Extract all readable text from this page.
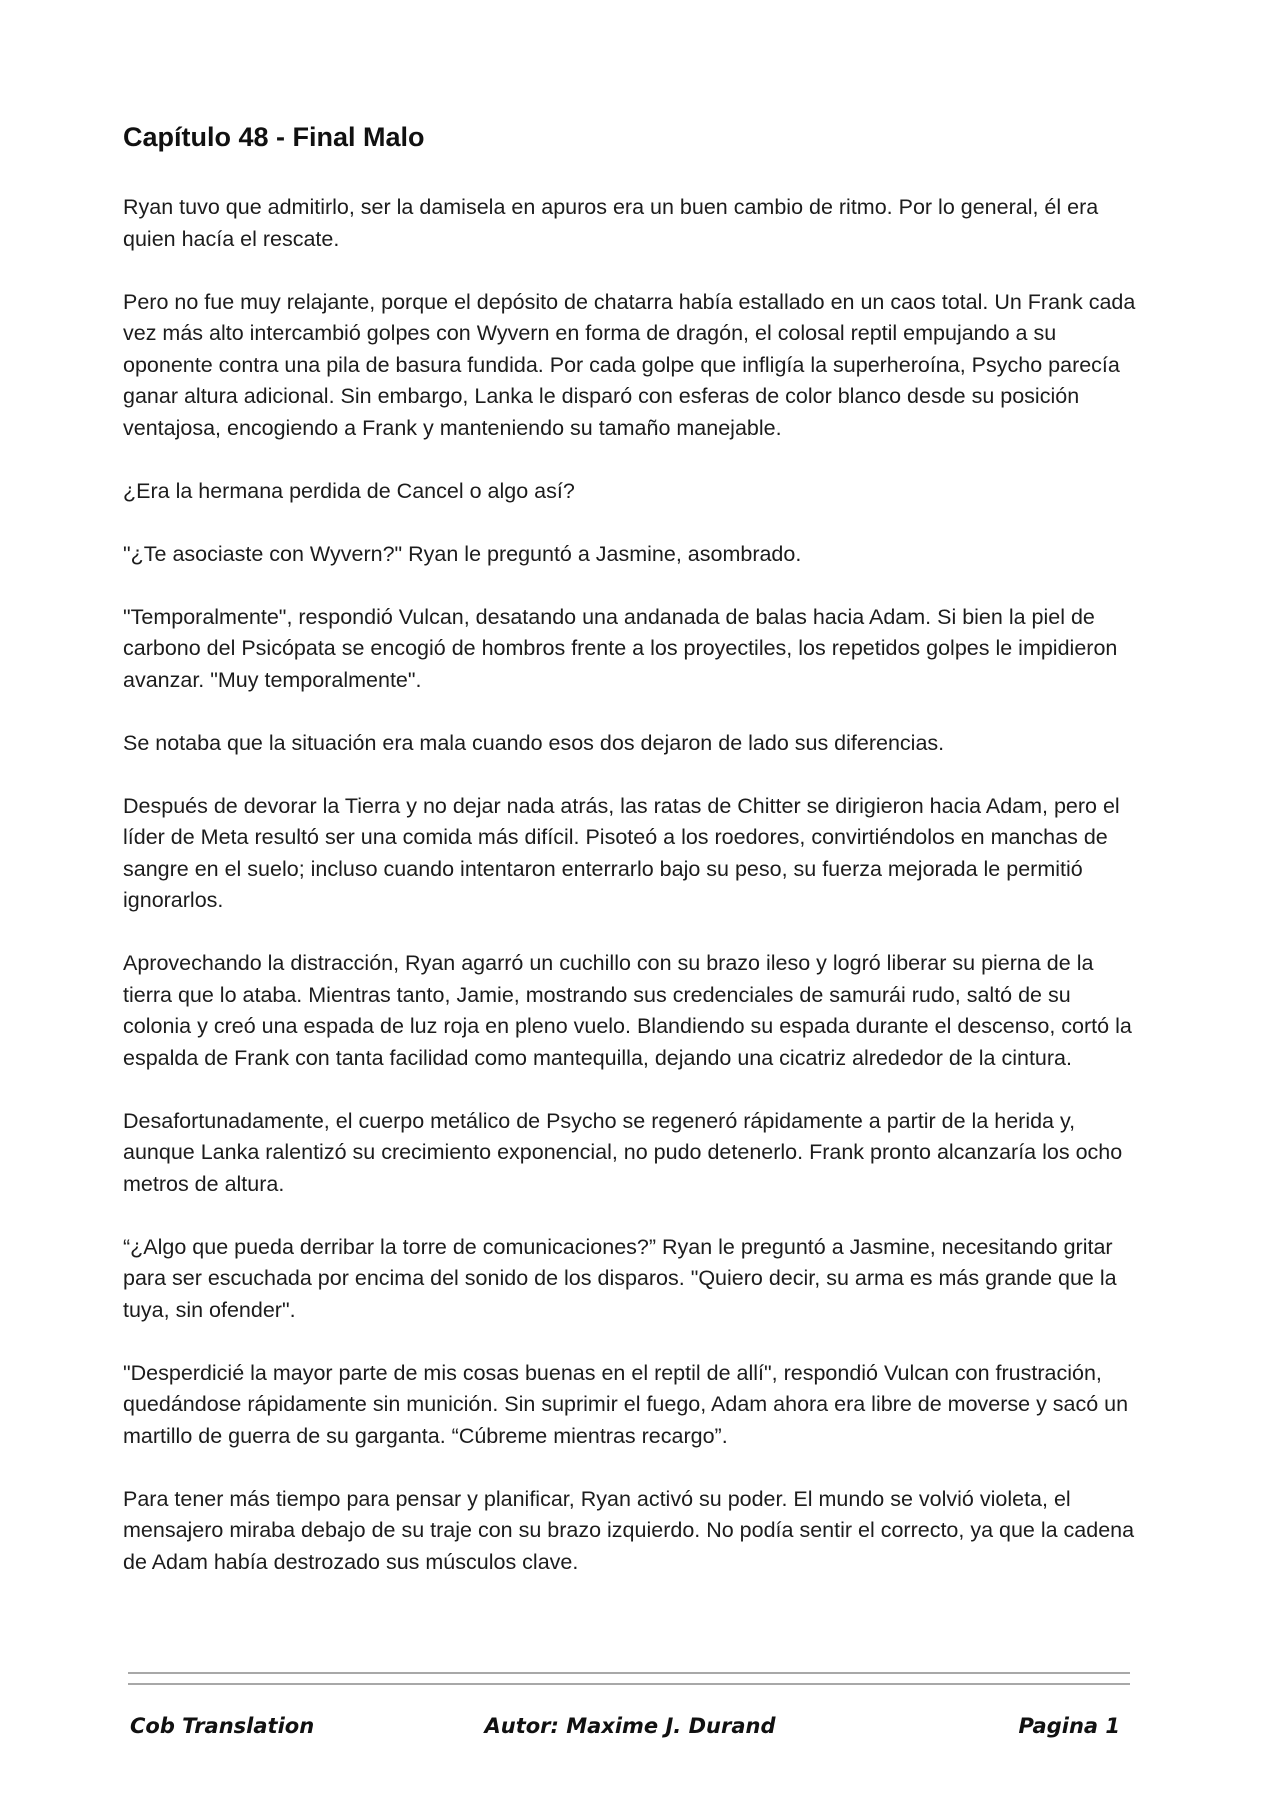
Capítulo 48 - Final Malo

Ryan tuvo que admitirlo, ser la damisela en apuros era un buen cambio de ritmo. Por lo general, él era quien hacía el rescate.

Pero no fue muy relajante, porque el depósito de chatarra había estallado en un caos total. Un Frank cada vez más alto intercambió golpes con Wyvern en forma de dragón, el colosal reptil empujando a su oponente contra una pila de basura fundida. Por cada golpe que infligía la superheroína, Psycho parecía ganar altura adicional. Sin embargo, Lanka le disparó con esferas de color blanco desde su posición ventajosa, encogiendo a Frank y manteniendo su tamaño manejable.

¿Era la hermana perdida de Cancel o algo así?

"¿Te asociaste con Wyvern?" Ryan le preguntó a Jasmine, asombrado.

"Temporalmente", respondió Vulcan, desatando una andanada de balas hacia Adam. Si bien la piel de carbono del Psicópata se encogió de hombros frente a los proyectiles, los repetidos golpes le impidieron avanzar. "Muy temporalmente".

Se notaba que la situación era mala cuando esos dos dejaron de lado sus diferencias.

Después de devorar la Tierra y no dejar nada atrás, las ratas de Chitter se dirigieron hacia Adam, pero el líder de Meta resultó ser una comida más difícil. Pisoteó a los roedores, convirtiéndolos en manchas de sangre en el suelo; incluso cuando intentaron enterrarlo bajo su peso, su fuerza mejorada le permitió ignorarlos.

Aprovechando la distracción, Ryan agarró un cuchillo con su brazo ileso y logró liberar su pierna de la tierra que lo ataba. Mientras tanto, Jamie, mostrando sus credenciales de samurái rudo, saltó de su colonia y creó una espada de luz roja en pleno vuelo. Blandiendo su espada durante el descenso, cortó la espalda de Frank con tanta facilidad como mantequilla, dejando una cicatriz alrededor de la cintura.

Desafortunadamente, el cuerpo metálico de Psycho se regeneró rápidamente a partir de la herida y, aunque Lanka ralentizó su crecimiento exponencial, no pudo detenerlo. Frank pronto alcanzaría los ocho metros de altura.

“¿Algo que pueda derribar la torre de comunicaciones?” Ryan le preguntó a Jasmine, necesitando gritar para ser escuchada por encima del sonido de los disparos. "Quiero decir, su arma es más grande que la tuya, sin ofender".

"Desperdicié la mayor parte de mis cosas buenas en el reptil de allí", respondió Vulcan con frustración, quedándose rápidamente sin munición. Sin suprimir el fuego, Adam ahora era libre de moverse y sacó un martillo de guerra de su garganta. “Cúbreme mientras recargo”.

Para tener más tiempo para pensar y planificar, Ryan activó su poder. El mundo se volvió violeta, el mensajero miraba debajo de su traje con su brazo izquierdo. No podía sentir el correcto, ya que la cadena de Adam había destrozado sus músculos clave.

Cob Translation	Autor: Maxime J. Durand	Pagina 1
